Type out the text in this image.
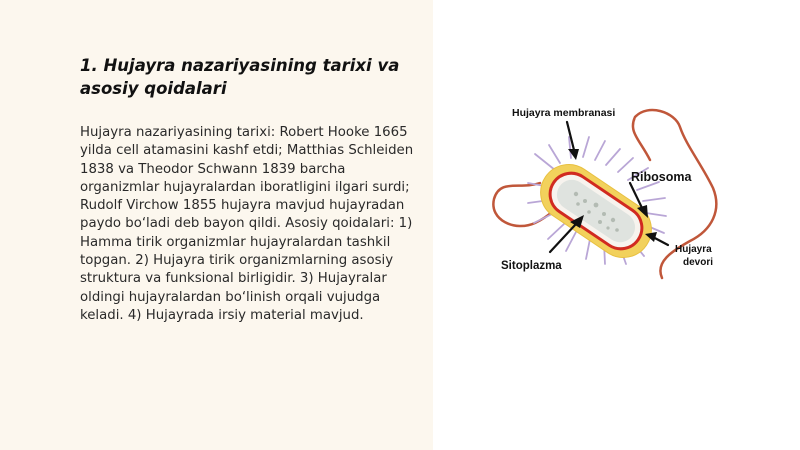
1. Hujayra nazariyasining tarixi va asosiy qoidalari

Hujayra nazariyasining tarixi: Robert Hooke 1665 yilda cell atamasini kashf etdi; Matthias Schleiden 1838 va Theodor Schwann 1839 barcha organizmlar hujayralardan iboratligini ilgari surdi; Rudolf Virchow 1855 hujayra mavjud hujayradan paydo bo‘ladi deb bayon qildi. Asosiy qoidalari: 1) Hamma tirik organizmlar hujayralardan tashkil topgan. 2) Hujayra tirik organizmlarning asosiy struktura va funksional birligidir. 3) Hujayralar oldingi hujayralardan bo‘linish orqali vujudga keladi. 4) Hujayrada irsiy material mavjud.

Hujayra membranasi
Ribosoma
Sitoplazma
Hujayra
devori
